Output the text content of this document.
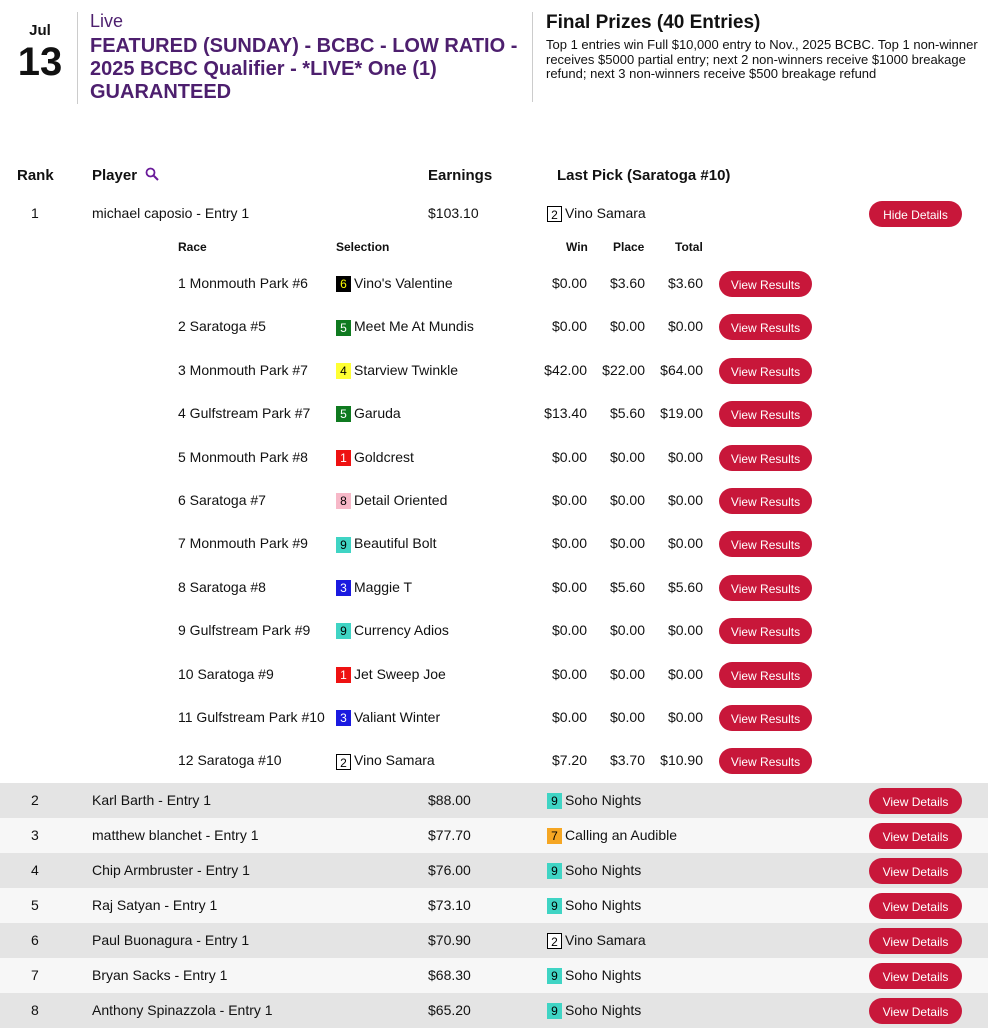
Jul
13
Live
FEATURED (SUNDAY) - BCBC - LOW RATIO - 2025 BCBC Qualifier - *LIVE* One (1) GUARANTEED
Final Prizes (40 Entries)
Top 1 entries win Full $10,000 entry to Nov., 2025 BCBC. Top 1 non-winner receives $5000 partial entry; next 2 non-winners receive $1000 breakage refund; next 3 non-winners receive $500 breakage refund
Rank	Player	Earnings	Last Pick (Saratoga #10)
1	michael caposio - Entry 1	$103.10	2 Vino Samara	Hide Details
Race	Selection	Win Place	Total
1 Monmouth Park #6	6 Vino's Valentine	$0.00 $3.60 $3.60	View Results
2 Saratoga #5	5 Meet Me At Mundis	$0.00 $0.00 $0.00	View Results
3 Monmouth Park #7	4 Starview Twinkle	$42.00 $22.00 $64.00	View Results
4 Gulfstream Park #7	5 Garuda	$13.40 $5.60 $19.00	View Results
5 Monmouth Park #8	1 Goldcrest	$0.00 $0.00 $0.00	View Results
6 Saratoga #7	8 Detail Oriented	$0.00 $0.00 $0.00	View Results
7 Monmouth Park #9	9 Beautiful Bolt	$0.00 $0.00 $0.00	View Results
8 Saratoga #8	3 Maggie T	$0.00 $5.60 $5.60	View Results
9 Gulfstream Park #9	9 Currency Adios	$0.00 $0.00 $0.00	View Results
10 Saratoga #9	1 Jet Sweep Joe	$0.00 $0.00 $0.00	View Results
11 Gulfstream Park #10	3 Valiant Winter	$0.00 $0.00 $0.00	View Results
12 Saratoga #10	2 Vino Samara	$7.20 $3.70 $10.90	View Results
2	Karl Barth - Entry 1	$88.00	9 Soho Nights	View Details
3	matthew blanchet - Entry 1	$77.70	7 Calling an Audible	View Details
4	Chip Armbruster - Entry 1	$76.00	9 Soho Nights	View Details
5	Raj Satyan - Entry 1	$73.10	9 Soho Nights	View Details
6	Paul Buonagura - Entry 1	$70.90	2 Vino Samara	View Details
7	Bryan Sacks - Entry 1	$68.30	9 Soho Nights	View Details
8	Anthony Spinazzola - Entry 1	$65.20	9 Soho Nights	View Details
